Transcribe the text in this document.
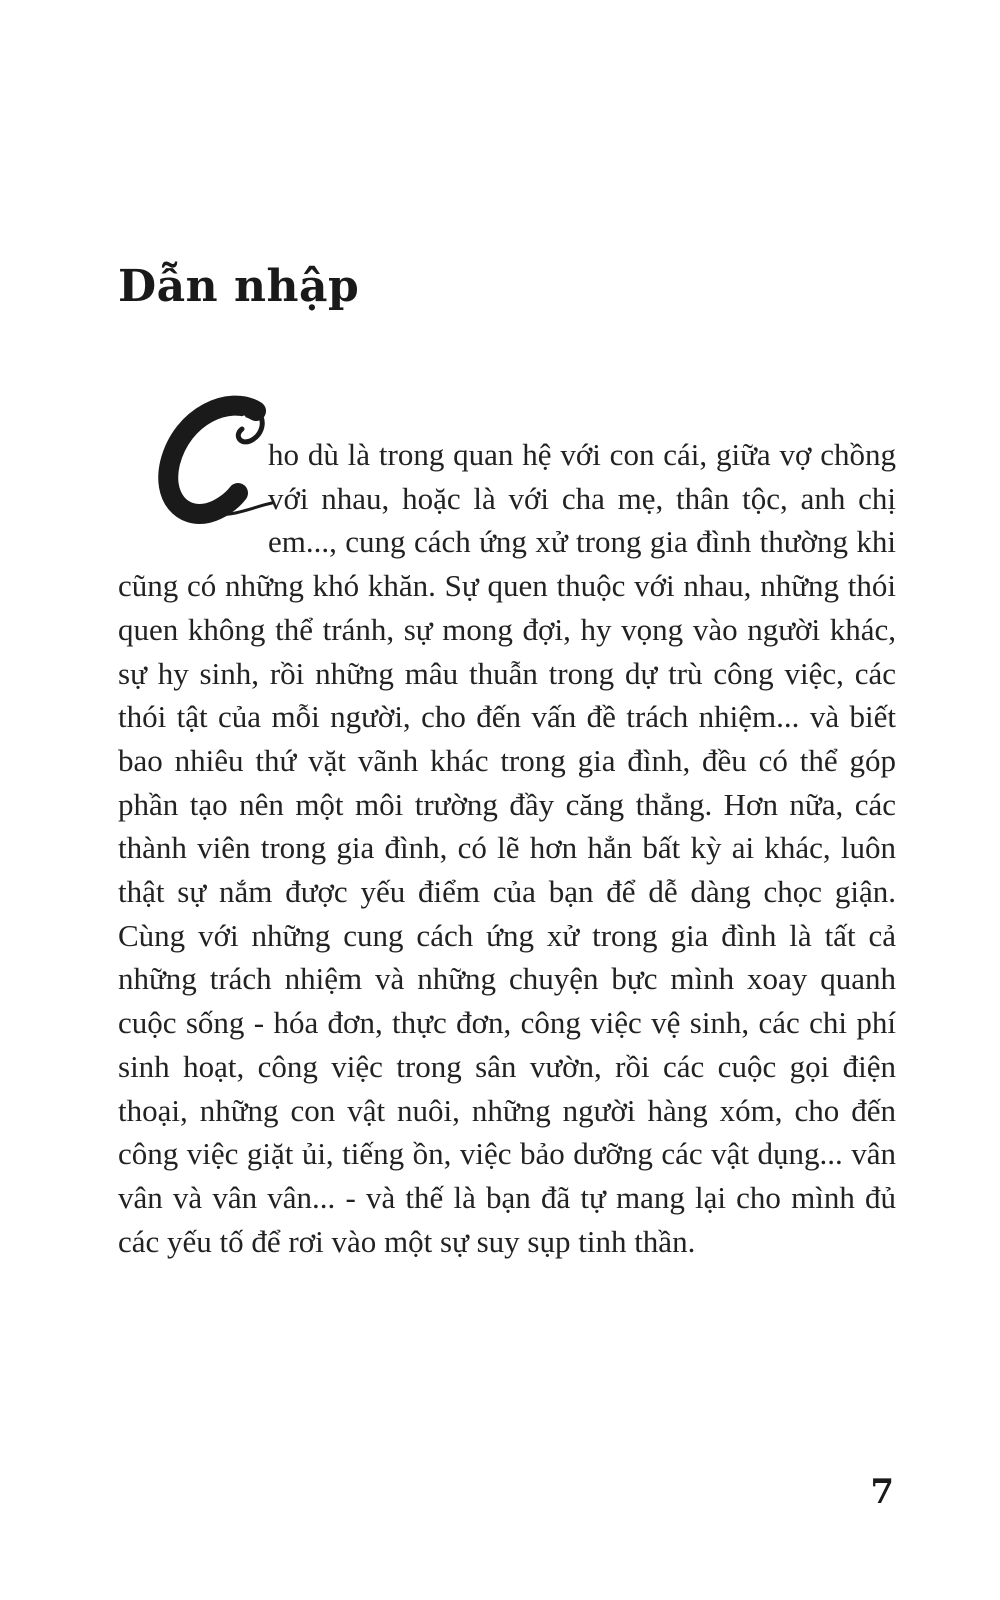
Dẫn nhập

ho dù là trong quan hệ với con cái, giữa vợ chồng với nhau, hoặc là với cha mẹ, thân tộc, anh chị em..., cung cách ứng xử trong gia đình thường khi cũng có những khó khăn. Sự quen thuộc với nhau, những thói quen không thể tránh, sự mong đợi, hy vọng vào người khác, sự hy sinh, rồi những mâu thuẫn trong dự trù công việc, các thói tật của mỗi người, cho đến vấn đề trách nhiệm... và biết bao nhiêu thứ vặt vãnh khác trong gia đình, đều có thể góp phần tạo nên một môi trường đầy căng thẳng. Hơn nữa, các thành viên trong gia đình, có lẽ hơn hẳn bất kỳ ai khác, luôn thật sự nắm được yếu điểm của bạn để dễ dàng chọc giận. Cùng với những cung cách ứng xử trong gia đình là tất cả những trách nhiệm và những chuyện bực mình xoay quanh cuộc sống - hóa đơn, thực đơn, công việc vệ sinh, các chi phí sinh hoạt, công việc trong sân vườn, rồi các cuộc gọi điện thoại, những con vật nuôi, những người hàng xóm, cho đến công việc giặt ủi, tiếng ồn, việc bảo dưỡng các vật dụng... vân vân và vân vân... - và thế là bạn đã tự mang lại cho mình đủ các yếu tố để rơi vào một sự suy sụp tinh thần.

7
